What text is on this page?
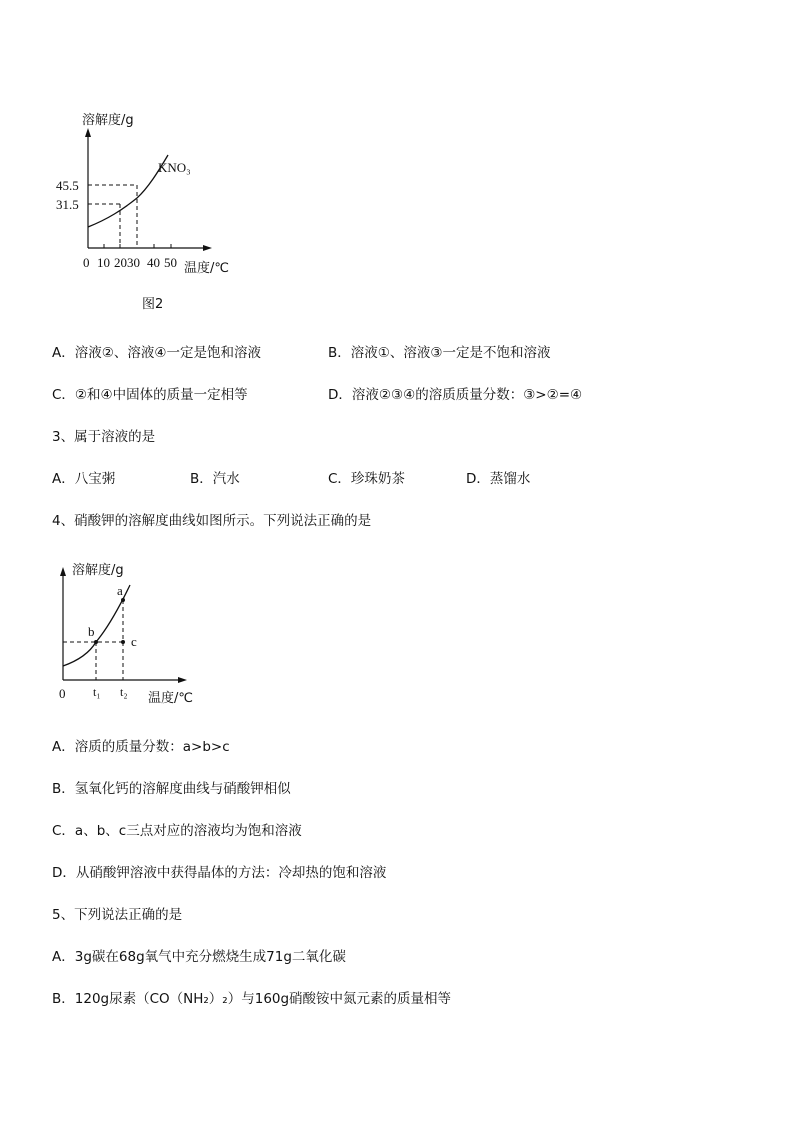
溶解度/g
45.5
31.5
KNO₃
0 10 2030 40 50 温度/℃
图2
A．溶液②、溶液④一定是饱和溶液	B．溶液①、溶液③一定是不饱和溶液
C．②和④中固体的质量一定相等	D．溶液②③④的溶质质量分数：③>②=④
3、属于溶液的是
A．八宝粥	B．汽水	C．珍珠奶茶	D．蒸馏水
4、硝酸钾的溶解度曲线如图所示。下列说法正确的是
溶解度/g
a
b
c
0 t₁ t₂ 温度/℃
A．溶质的质量分数：a>b>c
B．氢氧化钙的溶解度曲线与硝酸钾相似
C．a、b、c三点对应的溶液均为饱和溶液
D．从硝酸钾溶液中获得晶体的方法：冷却热的饱和溶液
5、下列说法正确的是
A．3g碳在68g氧气中充分燃烧生成71g二氧化碳
B．120g尿素（CO（NH₂）₂）与160g硝酸铵中氮元素的质量相等
